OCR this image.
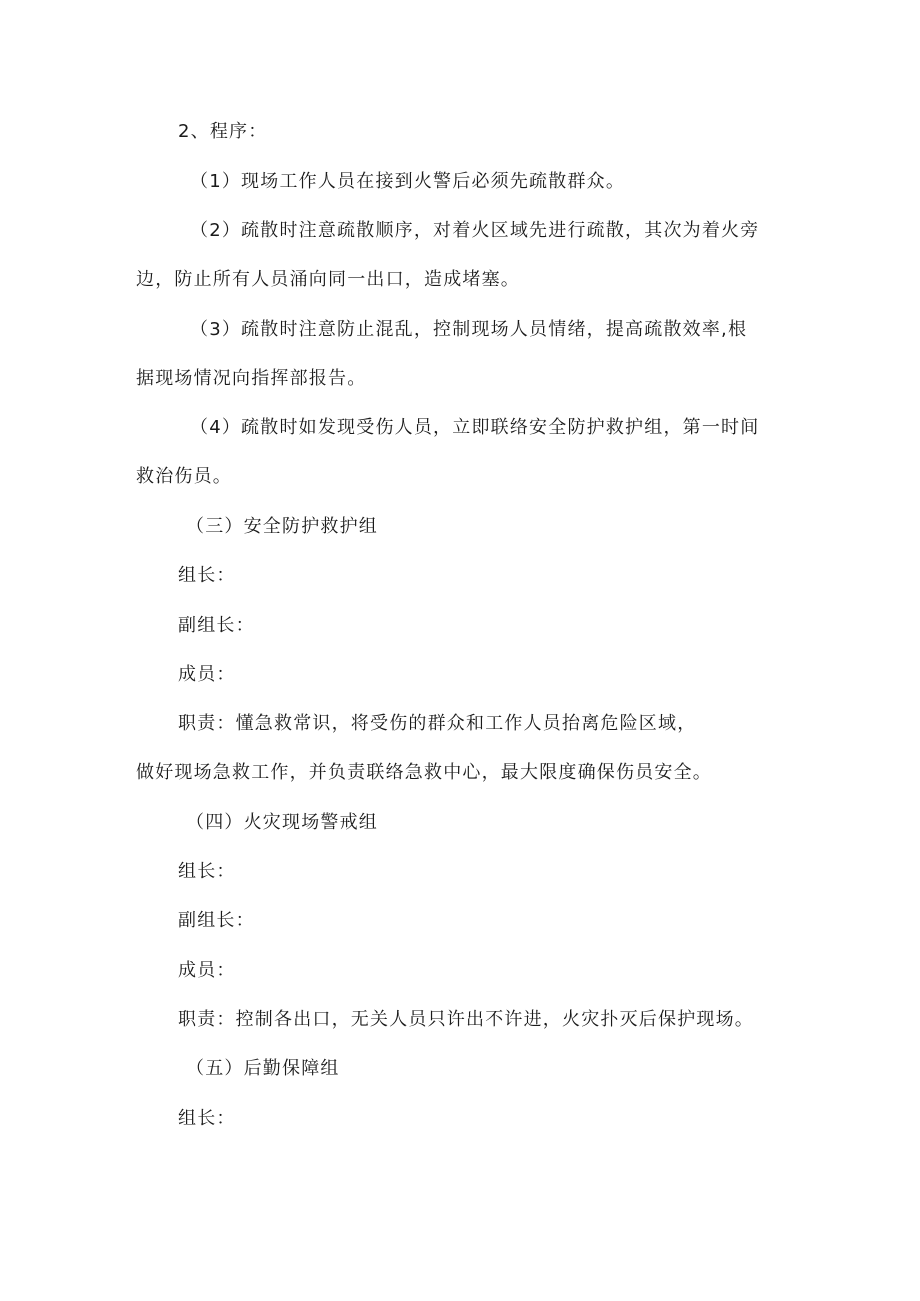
2、程序：
（1）现场工作人员在接到火警后必须先疏散群众。
（2）疏散时注意疏散顺序，对着火区域先进行疏散，其次为着火旁
边，防止所有人员涌向同一出口，造成堵塞。
（3）疏散时注意防止混乱，控制现场人员情绪，提高疏散效率,根
据现场情况向指挥部报告。
（4）疏散时如发现受伤人员，立即联络安全防护救护组，第一时间
救治伤员。
（三）安全防护救护组
组长：
副组长：
成员：
职责：懂急救常识，将受伤的群众和工作人员抬离危险区域，
做好现场急救工作，并负责联络急救中心，最大限度确保伤员安全。
（四）火灾现场警戒组
组长：
副组长：
成员：
职责：控制各出口，无关人员只许出不许进，火灾扑灭后保护现场。
（五）后勤保障组
组长：
